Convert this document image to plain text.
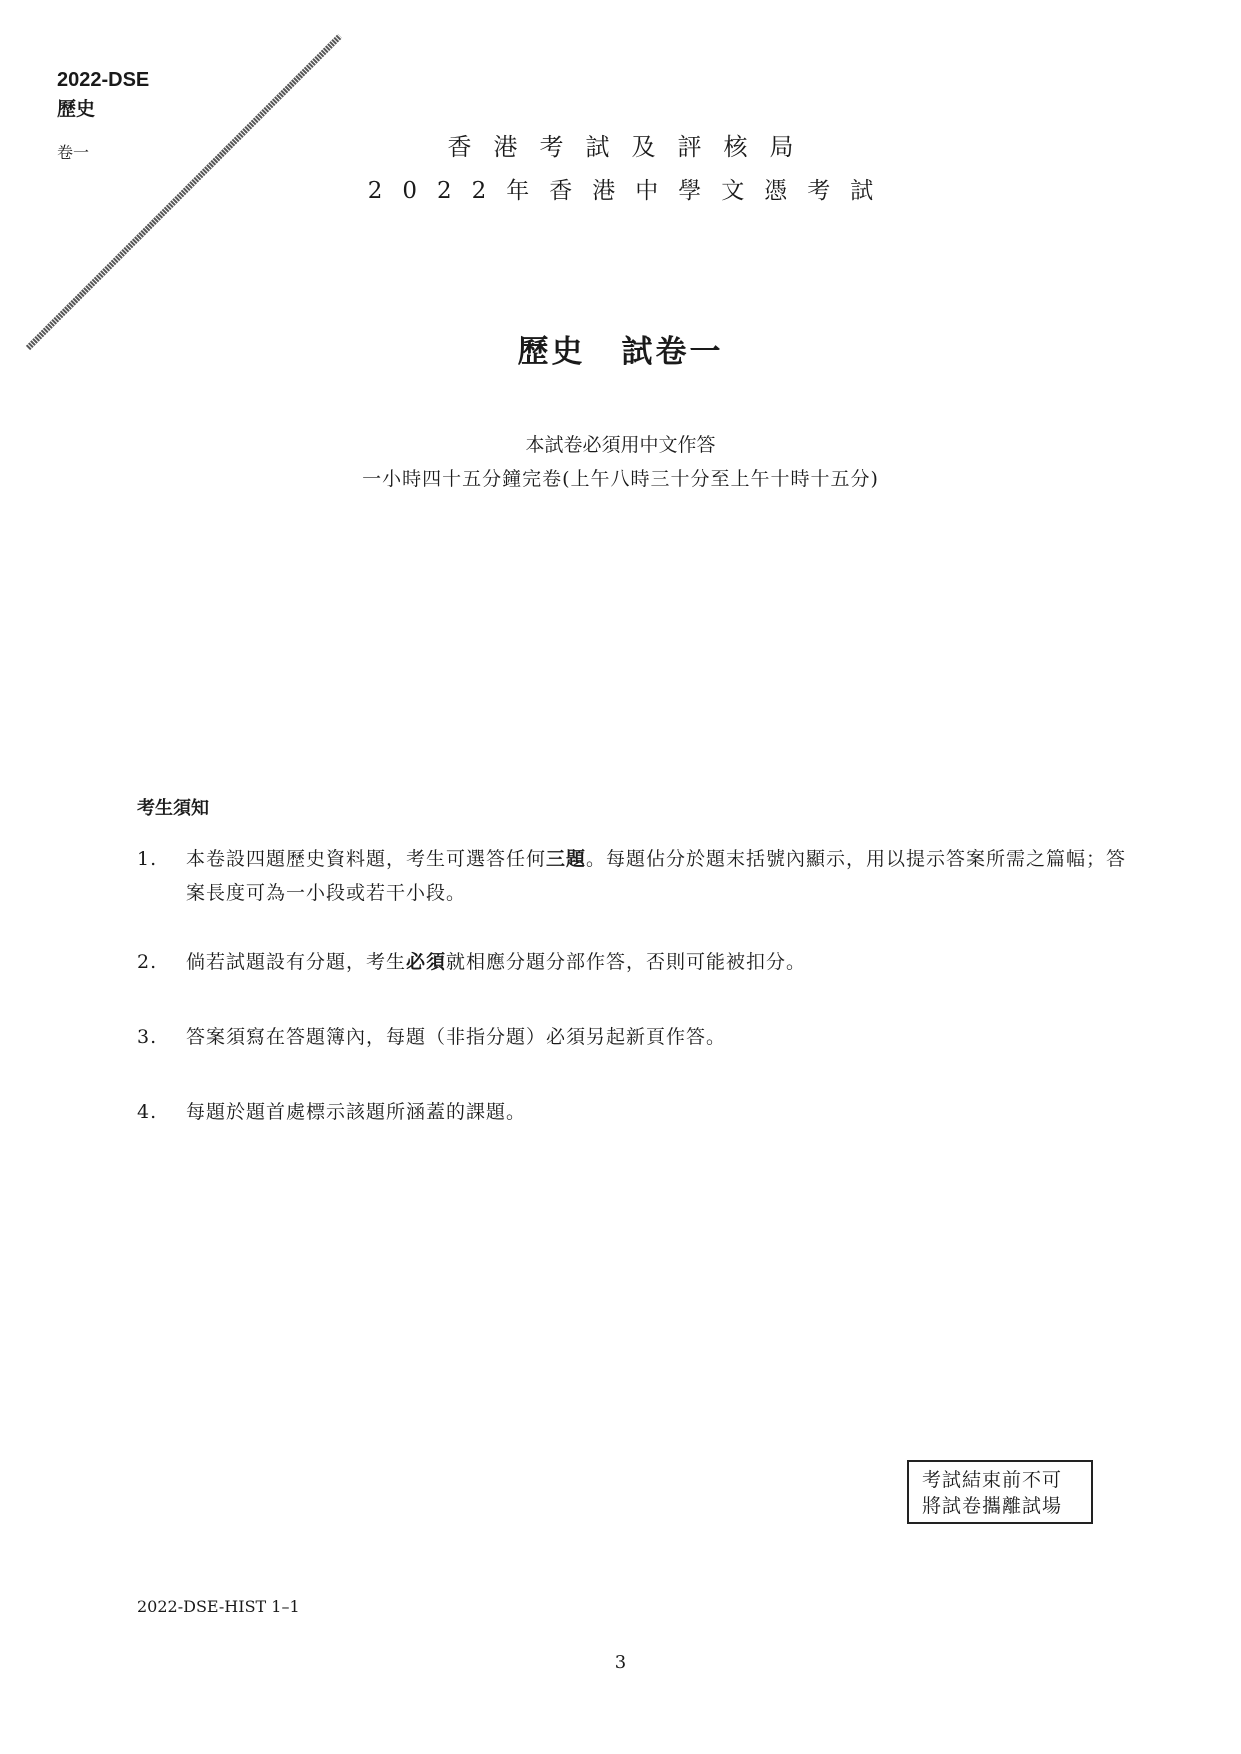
2022-DSE
歷史
卷一	香港考試及評核局
2022年香港中學文憑考試
歷史 試卷一
本試卷必須用中文作答
一小時四十五分鐘完卷(上午八時三十分至上午十時十五分)
考生須知
1.	本卷設四題歷史資料題，考生可選答任何三題。每題佔分於題末括號內顯示，用以提示答案所需之篇幅；答案長度可為一小段或若干小段。
2.	倘若試題設有分題，考生必須就相應分題分部作答，否則可能被扣分。
3.	答案須寫在答題簿內，每題（非指分題）必須另起新頁作答。
4.	每題於題首處標示該題所涵蓋的課題。
考試結束前不可
將試卷攜離試場
2022-DSE-HIST 1–1
3
